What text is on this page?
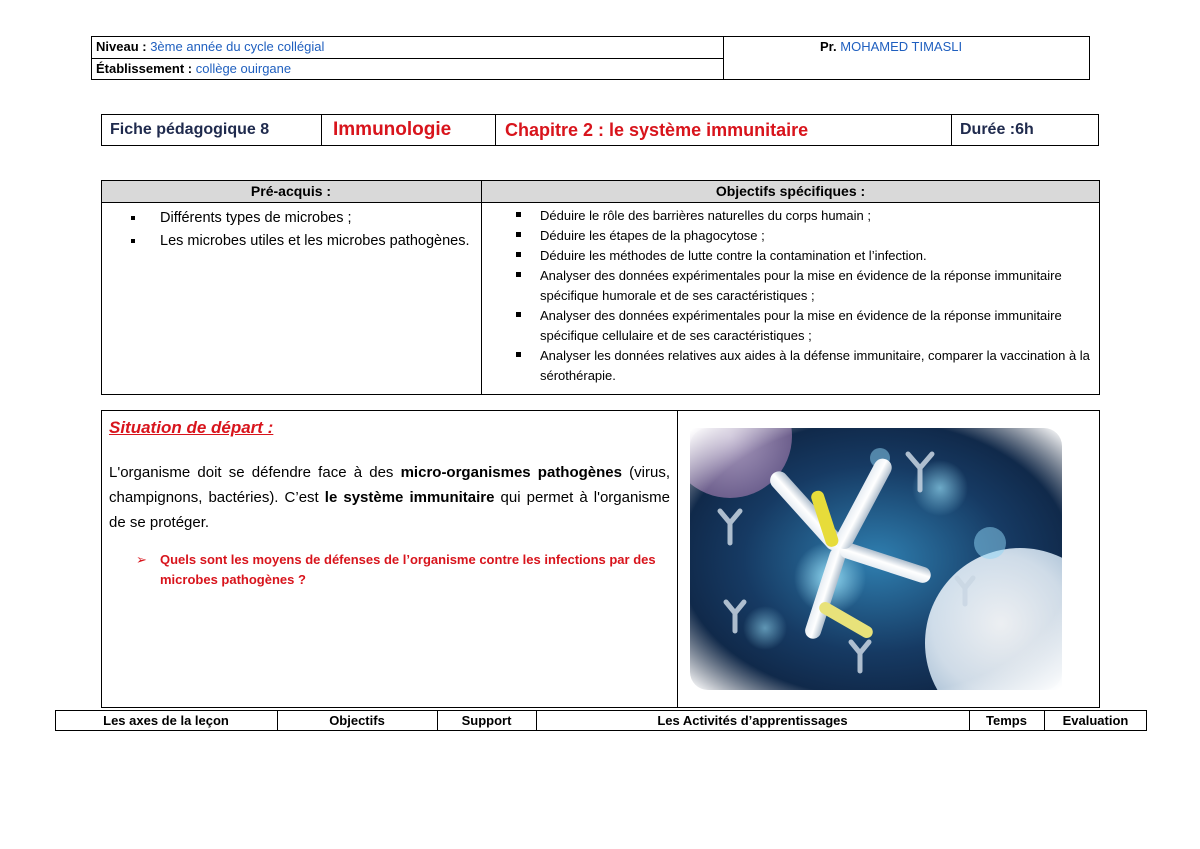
Niveau : 3ème année du cycle collégial
Établissement : collège ouirgane
Pr. MOHAMED TIMASLI
Fiche pédagogique 8	Immunologie	Chapitre 2 : le système immunitaire	Durée :6h
Pré-acquis :	Objectifs spécifiques :
Différents types de microbes ;
Les microbes utiles et les microbes pathogènes.
Déduire le rôle des barrières naturelles du corps humain ;
Déduire les étapes de la phagocytose ;
Déduire les méthodes de lutte contre la contamination et l’infection.
Analyser des données expérimentales pour la mise en évidence de la réponse immunitaire spécifique humorale et de ses caractéristiques ;
Analyser des données expérimentales pour la mise en évidence de la réponse immunitaire spécifique cellulaire et de ses caractéristiques ;
Analyser les données relatives aux aides à la défense immunitaire, comparer la vaccination à la sérothérapie.
Situation de départ :
L'organisme doit se défendre face à des micro-organismes pathogènes (virus, champignons, bactéries). C’est le système immunitaire qui permet à l'organisme de se protéger.
➢ Quels sont les moyens de défenses de l’organisme contre les infections par des microbes pathogènes ?
Les axes de la leçon	Objectifs	Support	Les Activités d’apprentissages	Temps	Evaluation
